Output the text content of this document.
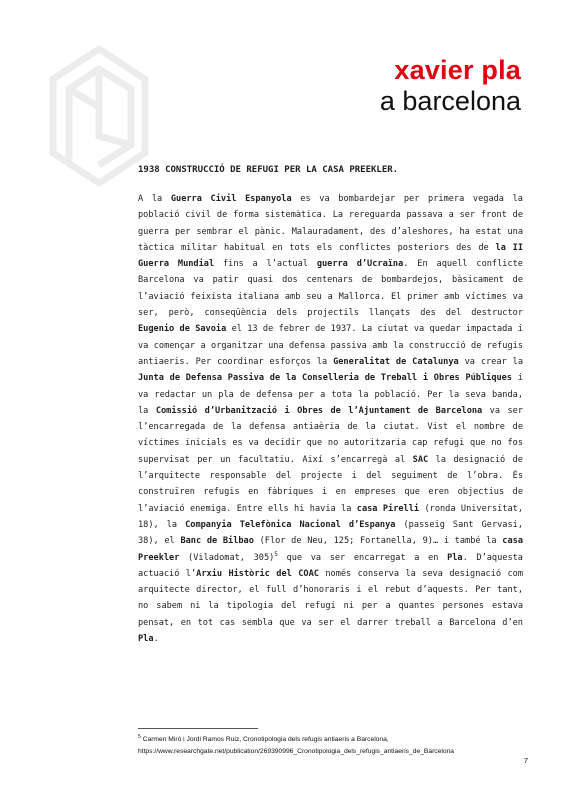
xavier pla
a barcelona
1938 CONSTRUCCIÓ DE REFUGI PER LA CASA PREEKLER.
A la Guerra Civil Espanyola es va bombardejar per primera vegada la població civil de forma sistemàtica. La rereguarda passava a ser front de guerra per sembrar el pànic. Malauradament, des d’aleshores, ha estat una tàctica militar habitual en tots els conflictes posteriors des de la II Guerra Mundial fins a l’actual guerra d’Ucraïna. En aquell conflicte Barcelona va patir quasi dos centenars de bombardejos, bàsicament de l’aviació feixista italiana amb seu a Mallorca. El primer amb víctimes va ser, però, conseqüència dels projectils llançats des del destructor Eugenio de Savoia el 13 de febrer de 1937. La ciutat va quedar impactada i va començar a organitzar una defensa passiva amb la construcció de refugis antiaeris. Per coordinar esforços la Generalitat de Catalunya va crear la Junta de Defensa Passiva de la Conselleria de Treball i Obres Públiques i va redactar un pla de defensa per a tota la població. Per la seva banda, la Comissió d’Urbanització i Obres de l’Ajuntament de Barcelona va ser l’encarregada de la defensa antiaèria de la ciutat. Vist el nombre de víctimes inicials es va decidir que no autoritzaria cap refugi que no fos supervisat per un facultatiu. Així s’encarregà al SAC la designació de l’arquitecte responsable del projecte i del seguiment de l’obra. És construïren refugis en fàbriques i en empreses que eren objectius de l’aviació enemiga. Entre ells hi havia la casa Pirelli (ronda Universitat, 18), la Companyia Telefònica Nacional d’Espanya (passeig Sant Gervasi, 38), el Banc de Bilbao (Flor de Neu, 125; Fortanella, 9)… i també la casa Preekler (Viladomat, 305)$^5$ que va ser encarregat a en Pla. D’aquesta actuació l’Arxiu Històric del COAC només conserva la seva designació com arquitecte director, el full d’honoraris i el rebut d’aquests. Per tant, no sabem ni la tipologia del refugi ni per a quantes persones estava pensat, en tot cas sembla que va ser el darrer treball a Barcelona d’en Pla.
$^5$ Carmen Miró i Jordi Ramos Ruiz, Cronotipologia dels refugis antiaeris a Barcelona,
https://www.researchgate.net/publication/269390996_Cronotipologia_dels_refugis_antiaeris_de_Barcelona
7
